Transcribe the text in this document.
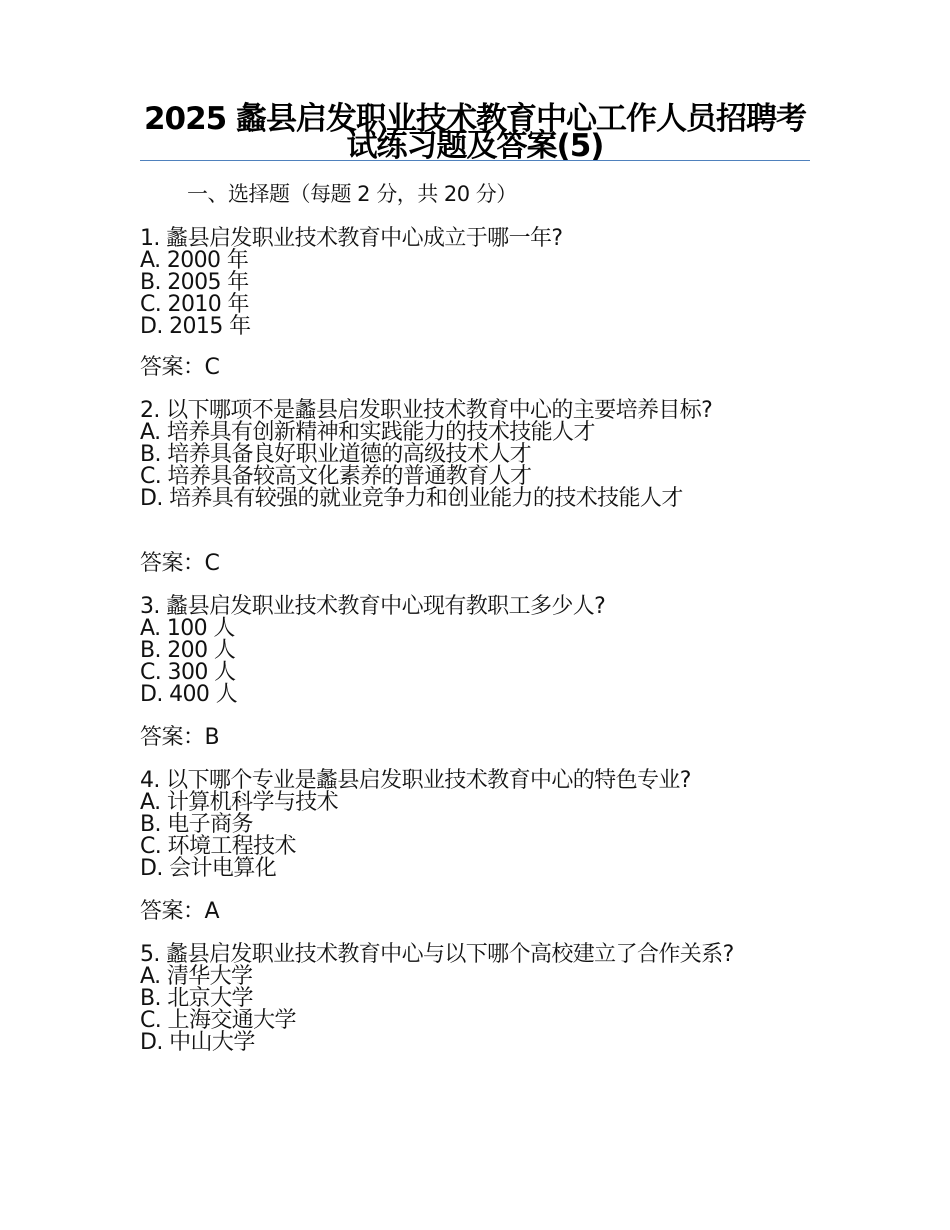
2025 蠡县启发职业技术教育中心工作人员招聘考试练习题及答案(5)
一、选择题（每题 2 分，共 20 分）
1. 蠡县启发职业技术教育中心成立于哪一年?
A. 2000 年
B. 2005 年
C. 2010 年
D. 2015 年
答案：C
2. 以下哪项不是蠡县启发职业技术教育中心的主要培养目标?
A. 培养具有创新精神和实践能力的技术技能人才
B. 培养具备良好职业道德的高级技术人才
C. 培养具备较高文化素养的普通教育人才
D. 培养具有较强的就业竞争力和创业能力的技术技能人才
答案：C
3. 蠡县启发职业技术教育中心现有教职工多少人?
A. 100 人
B. 200 人
C. 300 人
D. 400 人
答案：B
4. 以下哪个专业是蠡县启发职业技术教育中心的特色专业?
A. 计算机科学与技术
B. 电子商务
C. 环境工程技术
D. 会计电算化
答案：A
5. 蠡县启发职业技术教育中心与以下哪个高校建立了合作关系?
A. 清华大学
B. 北京大学
C. 上海交通大学
D. 中山大学
